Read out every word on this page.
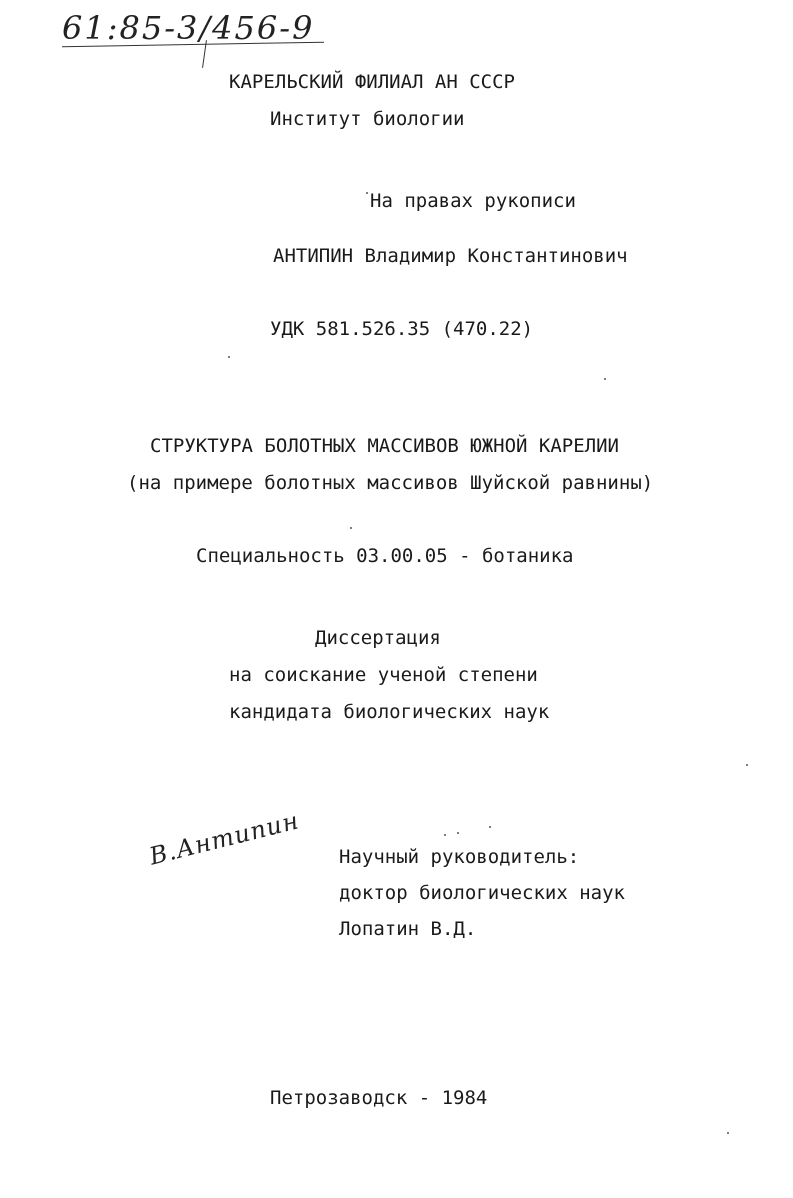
61:85-3/456-9
КАРЕЛЬСКИЙ ФИЛИАЛ АН СССР
Институт биологии
На правах рукописи
АНТИПИН Владимир Константинович
УДК 581.526.35 (470.22)
СТРУКТУРА БОЛОТНЫХ МАССИВОВ ЮЖНОЙ КАРЕЛИИ
(на примере болотных массивов Шуйской равнины)
Специальность 03.00.05 - ботаника
Диссертация
на соискание ученой степени
кандидата биологических наук
В.Антипин Научный руководитель:
доктор биологических наук
Лопатин В.Д.
Петрозаводск - 1984
